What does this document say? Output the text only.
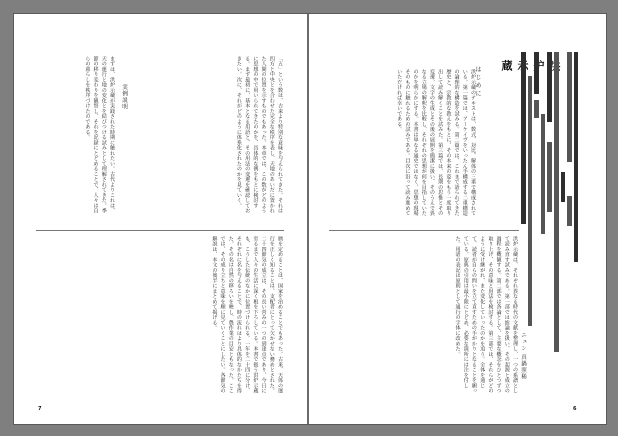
「五」という数は、古来より特別な意味を与えられてきた。それは四方と中央とを合わせた完全な秩序を表し、天地のあいだに置かれた人間の位置を示すものでもあった。本章では、この数がどのように思想の中で用いられてきたのかを、具体的な例をもとに検討する。まず最初に、基本となる用語と、その用法の変遷を確認しておきたい。次に、それがどのように体系化されたのかを見ていく。
実例説明
まずは、洪炉示蔵が実践された時期に触れたい。古代よりこれは、天の運行と地の変化とを結びつける試みとして理解されてきた。季節の移り変わりを観察し、それを記録にとどめることで、人々は自らの暮らしを秩序づけたのである。
暦を定めることは、国家を治めることでもあった。古来、天体の運行を正しく知ることは、支配者にとって欠かせない務めとされた。二十四節気の成立は、その長い営みの一つの到達点であり、今日に至るまで人々の生活に深く根を下ろしている。本書で扱う洪炉示蔵も、こうした伝統のなかに位置づけられる。一年を二十四に分け、それぞれに名を与えることで、時の流れはより具体的なかたちを得た。その名は自然の移ろいを映し、農作業の目安ともなった。ここでは、その成り立ちと意味を順に見ていくことにしたい。各節気の解説は、本文の後半にまとめて掲げる。
7
洪炉示蔵のテキストは、数式、対比、解体の三重で構成されている。第一篇では、アーケイヴをいったん手構成する二重構造の論理的な構造を試みる。第二篇では、これまで語られてきた歴史と、宗教的な教えをもとに、その本来の姿をもう一度取り出して読み解くことを試みた。第三篇では、長期の思惟とその変遷、文字の生成とその後の展開を簡潔に扱い、そのうえで異なる立場の解釈を比較し、それぞれの思想が何を目指していたのかを明らかにする。本書は単なる通史ではなく、思想の現場そのものに触れるための試みである。目次に沿って読み進めていただければ幸いである。	はじめに 蔵
洪炉示蔵は、それぞれ異なる時代の文献を整理し、一つの系譜として読み直す試みである。第一部では総論を扱い、その起源と成立の過程を概観する。第二部では各論として、主要な概念をひとつずつ取り上げ、その意味と用法を検討する。第三部では、それらがどのように受け継がれ、また変化していったのかを追う。全体を通じて、読者が自らの問いを立て直すための手がかりとなることを願っている。原典の引用は最小限にとどめ、必要な箇所には注を付した。用語の表記は原則として通行の字体に改めた。	ニュン 真鍋照稀
6
